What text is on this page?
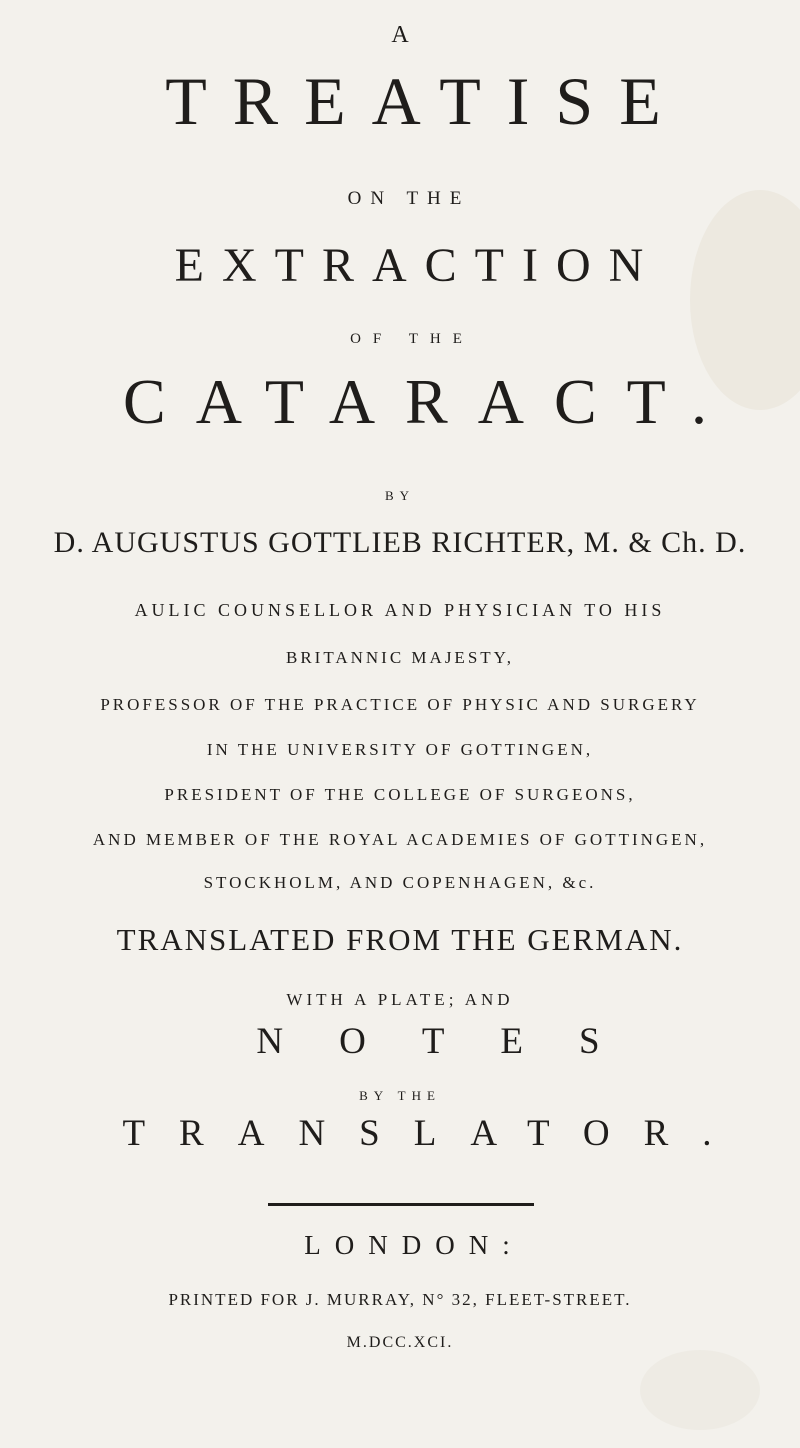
A
TREATISE
ON THE
EXTRACTION
OF THE
CATARACT.
BY
D. AUGUSTUS GOTTLIEB RICHTER, M. & Ch. D.
AULIC COUNSELLOR AND PHYSICIAN TO HIS
BRITANNIC MAJESTY,
PROFESSOR OF THE PRACTICE OF PHYSIC AND SURGERY
IN THE UNIVERSITY OF GOTTINGEN,
PRESIDENT OF THE COLLEGE OF SURGEONS,
AND MEMBER OF THE ROYAL ACADEMIES OF GOTTINGEN,
STOCKHOLM, AND COPENHAGEN, &c.
TRANSLATED FROM THE GERMAN.
WITH A PLATE; AND
NOTES
BY THE
TRANSLATOR.
LONDON:
PRINTED FOR J. MURRAY, N° 32, FLEET-STREET.
M.DCC.XCI.
